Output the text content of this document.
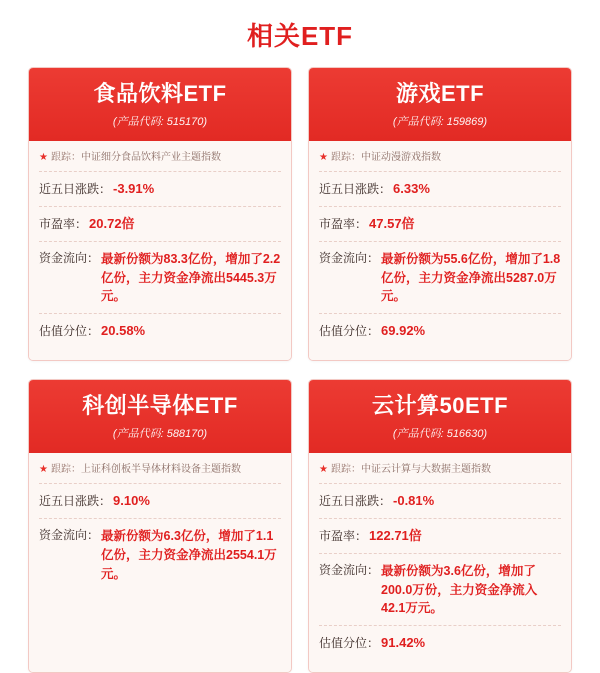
相关ETF
食品饮料ETF
(产品代码: 515170)
★ 跟踪： 中证细分食品饮料产业主题指数
近五日涨跌： -3.91%
市盈率： 20.72倍
资金流向： 最新份额为83.3亿份，增加了2.2亿份，主力资金净流出5445.3万元。
估值分位： 20.58%
游戏ETF
(产品代码: 159869)
★ 跟踪： 中证动漫游戏指数
近五日涨跌： 6.33%
市盈率： 47.57倍
资金流向： 最新份额为55.6亿份，增加了1.8亿份，主力资金净流出5287.0万元。
估值分位： 69.92%
科创半导体ETF
(产品代码: 588170)
★ 跟踪： 上证科创板半导体材料设备主题指数
近五日涨跌： 9.10%
资金流向： 最新份额为6.3亿份，增加了1.1亿份，主力资金净流出2554.1万元。
云计算50ETF
(产品代码: 516630)
★ 跟踪： 中证云计算与大数据主题指数
近五日涨跌： -0.81%
市盈率： 122.71倍
资金流向： 最新份额为3.6亿份，增加了200.0万份，主力资金净流入42.1万元。
估值分位： 91.42%
